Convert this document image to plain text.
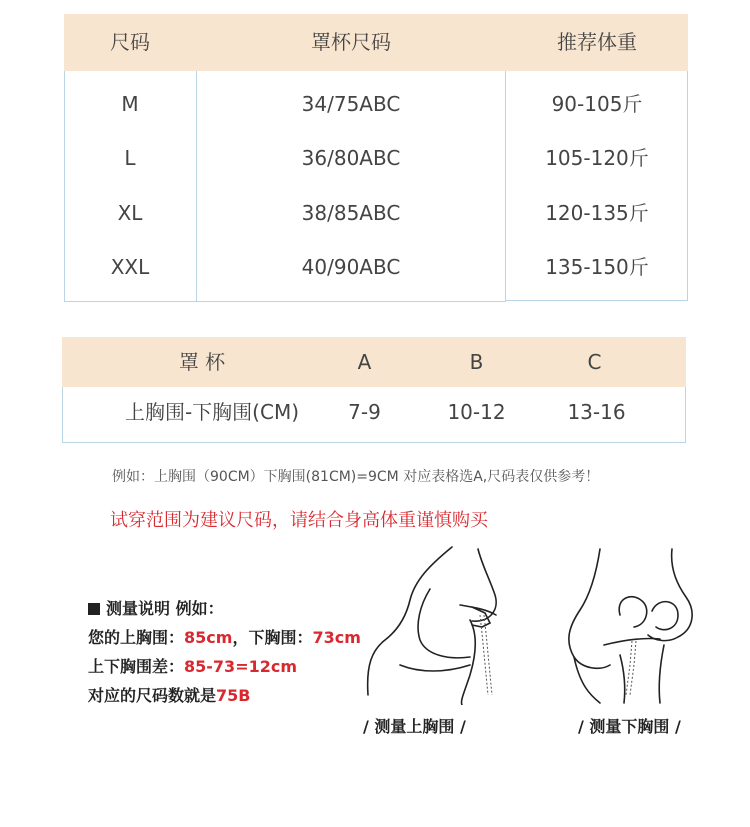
尺码	罩杯尺码	推荐体重
M	34/75ABC	90-105斤
L	36/80ABC	105-120斤
XL	38/85ABC	120-135斤
XXL	40/90ABC	135-150斤
罩 杯	A	B	C
上胸围-下胸围(CM)	7-9	10-12	13-16
例如：上胸围（90CM）下胸围(81CM)=9CM 对应表格选A,尺码表仅供参考！
试穿范围为建议尺码，请结合身高体重谨慎购买
测量说明 例如：
您的上胸围：85cm，下胸围：73cm
上下胸围差：85-73=12cm
对应的尺码数就是75B
/ 测量上胸围 /	/ 测量下胸围 /
